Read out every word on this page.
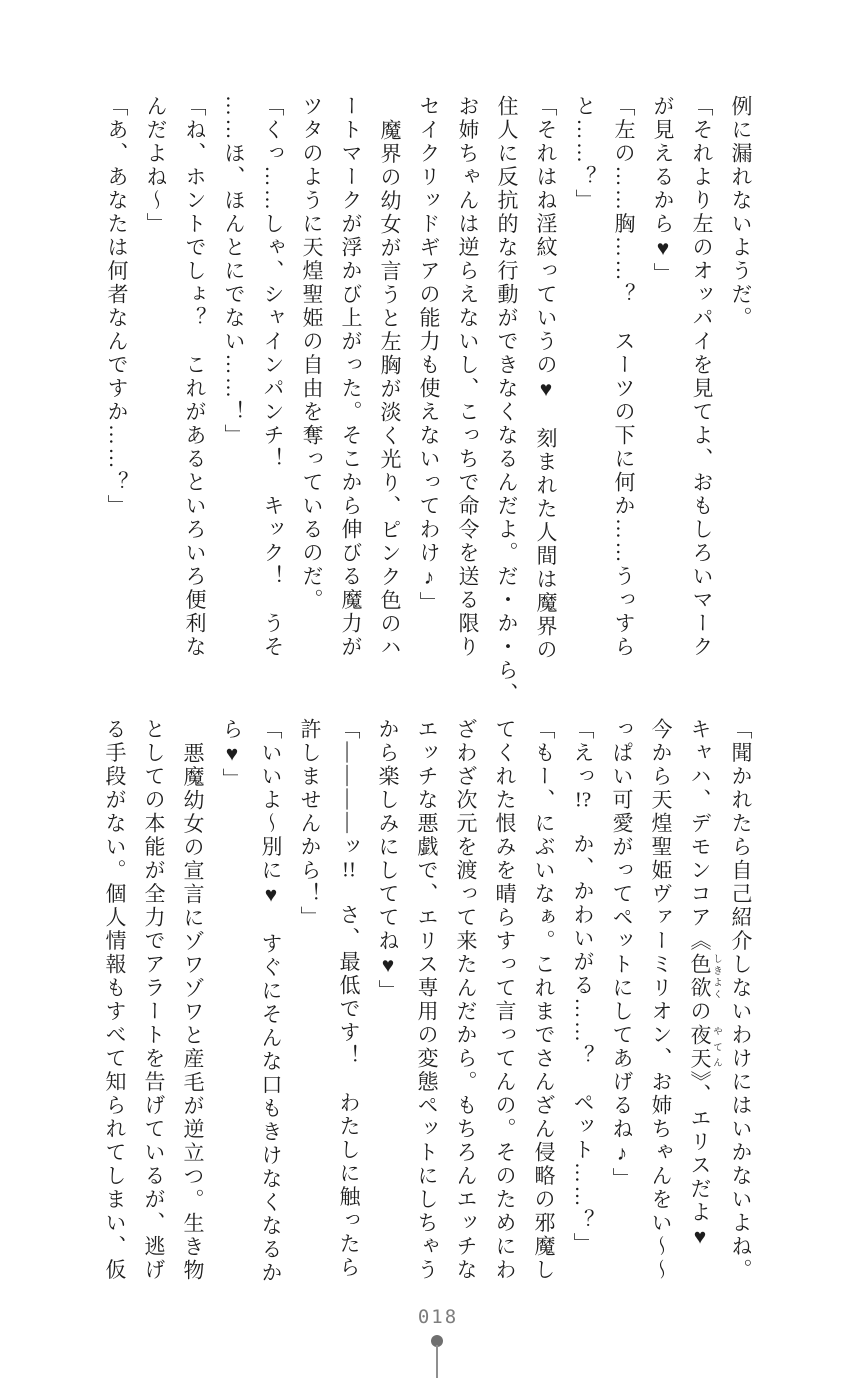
例に漏れないようだ。

「それより左のオッパイを見てよ、おもしろいマーク

が見えるから♥」

「左の……胸……？　スーツの下に何か……うっすら

と……？」

「それはね淫紋っていうの♥　刻まれた人間は魔界の

住人に反抗的な行動ができなくなるんだよ。だ・か・ら、

お姉ちゃんは逆らえないし、こっちで命令を送る限り

セイクリッドギアの能力も使えないってわけ♪」

魔界の幼女が言うと左胸が淡く光り、ピンク色のハ

ートマークが浮かび上がった。そこから伸びる魔力が

ツタのように天煌聖姫の自由を奪っているのだ。

「くっ……しゃ、シャインパンチ！　キック！　うそ

……ほ、ほんとにでない……！」

「ね、ホントでしょ？　これがあるといろいろ便利な

んだよね〜」

「あ、あなたは何者なんですか……？」

「聞かれたら自己紹介しないわけにはいかないよね。

キャハ、デモンコア《色欲 しきよくの夜天 やてん》、エリスだよ♥

今から天煌聖姫ヴァーミリオン、お姉ちゃんをい〜〜

っぱい可愛がってペットにしてあげるね♪」

「えっ!?　か、かわいがる……？　ペット……？」

「もー、にぶいなぁ。これまでさんざん侵略の邪魔し

てくれた恨みを晴らすって言ってんの。そのためにわ

ざわざ次元を渡って来たんだから。もちろんエッチな

エッチな悪戯で、エリス専用の変態ペットにしちゃう

から楽しみにしててね♥」

「――――ッ!!　さ、最低です！　わたしに触ったら

許しませんから！」

「いいよ〜別に♥　すぐにそんな口もきけなくなるか

ら♥」

悪魔幼女の宣言にゾワゾワと産毛が逆立つ。生き物

としての本能が全力でアラートを告げているが、逃げ

る手段がない。個人情報もすべて知られてしまい、仮

018
